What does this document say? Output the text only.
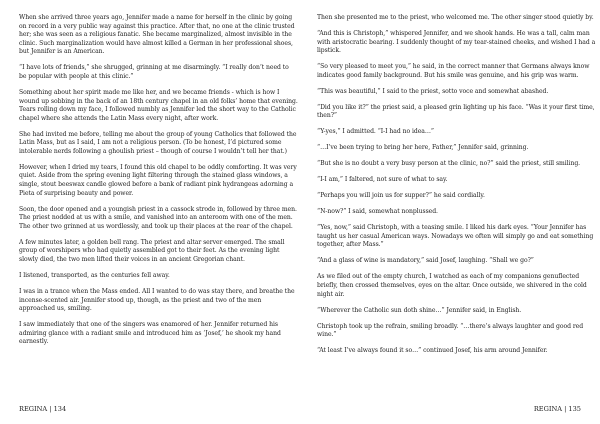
When she arrived three years ago, Jennifer made a name for herself in the clinic by going on record in a very public way against this practice. After that, no one at the clinic trusted her; she was seen as a religious fanatic. She became marginalized, almost invisible in the clinic. Such marginalization would have almost killed a German in her professional shoes, but Jennifer is an American.

“I have lots of friends,” she shrugged, grinning at me disarmingly. “I really don’t need to be popular with people at this clinic.”

Something about her spirit made me like her, and we became friends - which is how I wound up sobbing in the back of an 18th century chapel in an old folks’ home that evening. Tears rolling down my face, I followed numbly as Jennifer led the short way to the Catholic chapel where she attends the Latin Mass every night, after work.

She had invited me before, telling me about the group of young Catholics that followed the Latin Mass, but as I said, I am not a religious person. (To be honest, I’d pictured some intolerable nerds following a ghoulish priest – though of course I wouldn’t tell her that.)

However, when I dried my tears, I found this old chapel to be oddly comforting. It was very quiet. Aside from the spring evening light filtering through the stained glass windows, a single, stout beeswax candle glowed before a bank of radiant pink hydrangeas adorning a Pieta of surprising beauty and power.

Soon, the door opened and a youngish priest in a cassock strode in, followed by three men. The priest nodded at us with a smile, and vanished into an anteroom with one of the men. The other two grinned at us wordlessly, and took up their places at the rear of the chapel.

A few minutes later, a golden bell rang. The priest and altar server emerged. The small group of worshipers who had quietly assembled got to their feet. As the evening light slowly died, the two men lifted their voices in an ancient Gregorian chant.

I listened, transported, as the centuries fell away.

I was in a trance when the Mass ended. All I wanted to do was stay there, and breathe the incense-scented air. Jennifer stood up, though, as the priest and two of the men approached us, smiling.

I saw immediately that one of the singers was enamored of her. Jennifer returned his admiring glance with a radiant smile and introduced him as ‘Josef,’ he shook my hand earnestly.

Then she presented me to the priest, who welcomed me. The other singer stood quietly by.

“And this is Christoph,” whispered Jennifer, and we shook hands. He was a tall, calm man with aristocratic bearing. I suddenly thought of my tear-stained cheeks, and wished I had a lipstick.

“So very pleased to meet you,” he said, in the correct manner that Germans always know indicates good family background. But his smile was genuine, and his grip was warm.

“This was beautiful,” I said to the priest, sotto voce and somewhat abashed.

“Did you like it?” the priest said, a pleased grin lighting up his face. “Was it your first time, then?”

“Y-yes,” I admitted. “I-I had no idea…”

“…I’ve been trying to bring her here, Father,” Jennifer said, grinning.

“But she is no doubt a very busy person at the clinic, no?” said the priest, still smiling.

“I-I am,” I faltered, not sure of what to say.

“Perhaps you will join us for supper?” he said cordially.

“N-now?” I said, somewhat nonplussed.

“Yes, now,” said Christoph, with a teasing smile. I liked his dark eyes. “Your Jennifer has taught us her casual American ways. Nowadays we often will simply go and eat something together, after Mass.”

“And a glass of wine is mandatory,” said Josef, laughing. “Shall we go?”

As we filed out of the empty church, I watched as each of my companions genuflected briefly, then crossed themselves, eyes on the altar. Once outside, we shivered in the cold night air.

“Wherever the Catholic sun doth shine…” Jennifer said, in English.

Christoph took up the refrain, smiling broadly. “…there’s always laughter and good red wine.”

“At least I’ve always found it so…” continued Josef, his arm around Jennifer.

REGINA | 134	REGINA | 135
